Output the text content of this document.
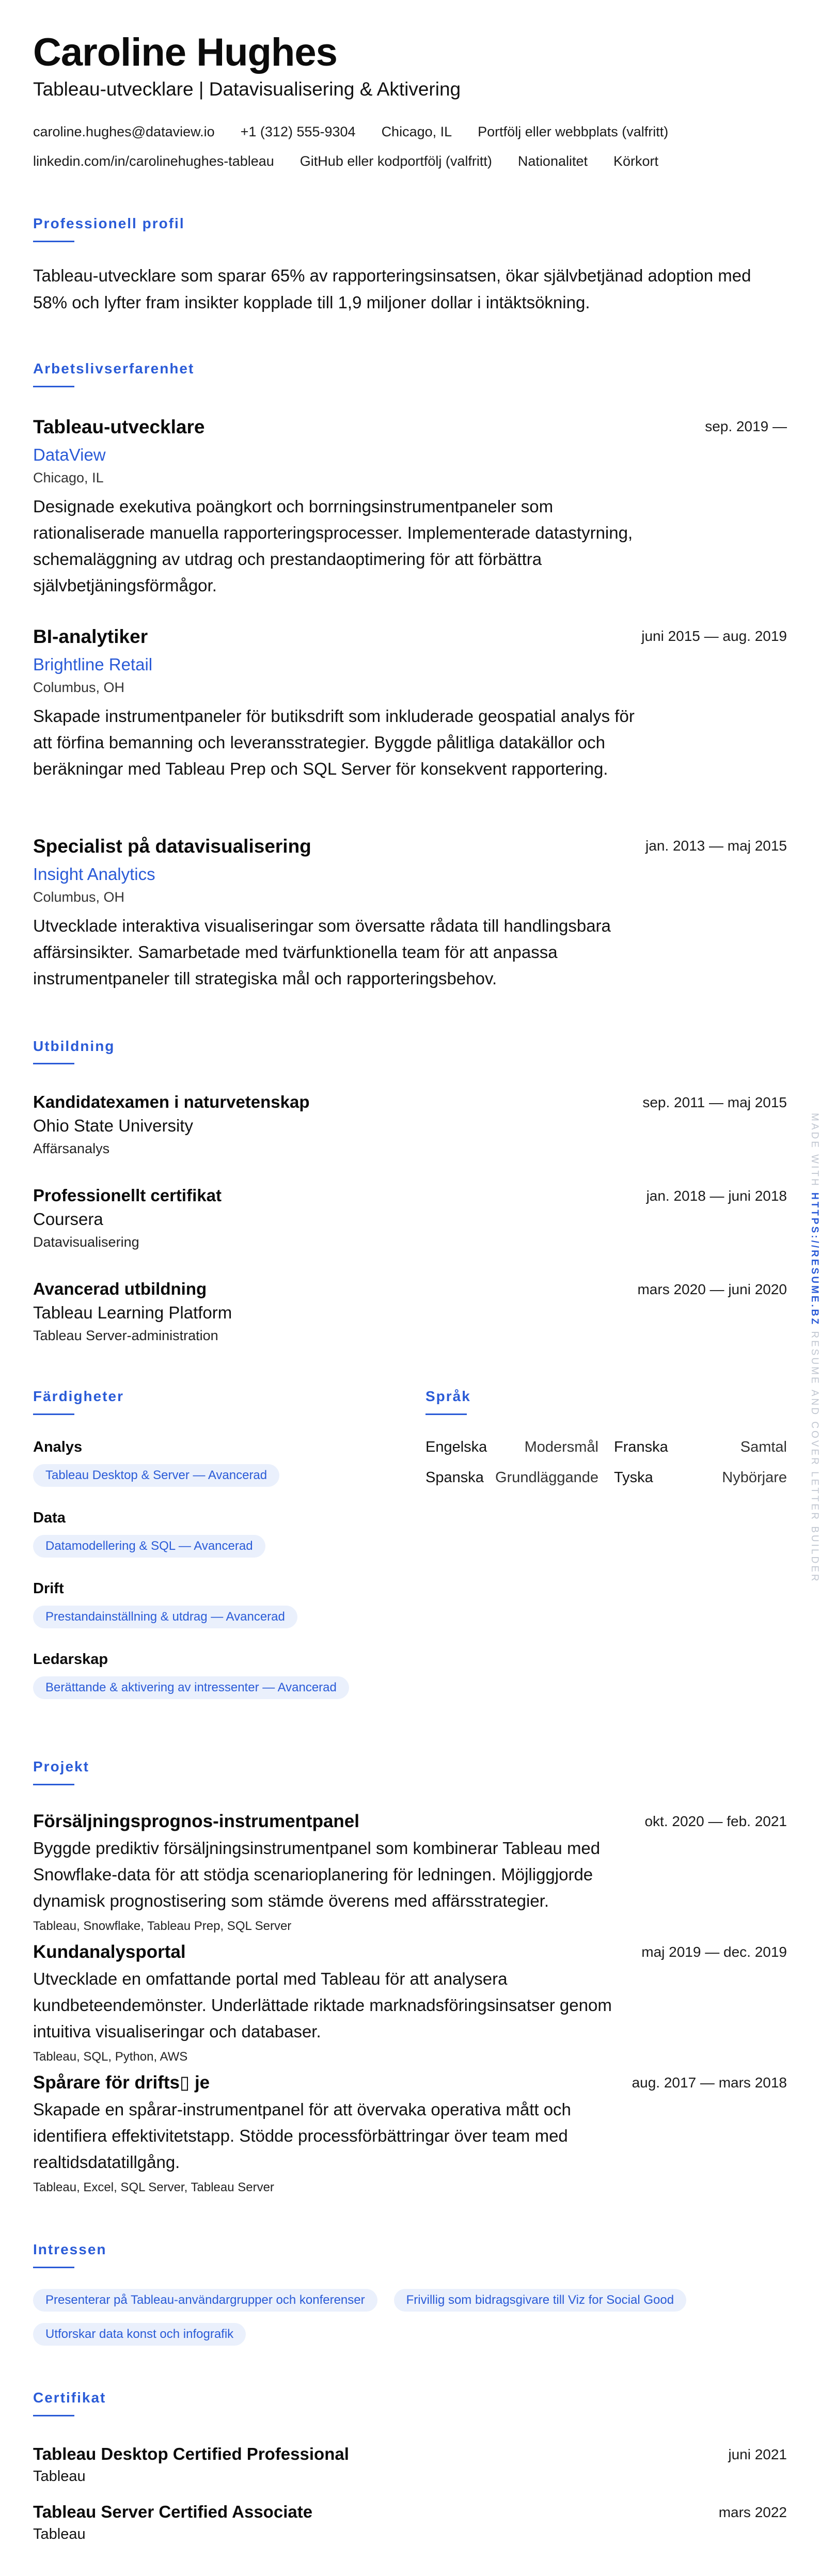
Caroline Hughes
Tableau-utvecklare | Datavisualisering & Aktivering
caroline.hughes@dataview.io +1 (312) 555-9304 Chicago, IL Portfölj eller webbplats (valfritt)
linkedin.com/in/carolinehughes-tableau GitHub eller kodportfölj (valfritt) Nationalitet Körkort
Professionell profil
Tableau-utvecklare som sparar 65% av rapporteringsinsatsen, ökar självbetjänad adoption med 58% och lyfter fram insikter kopplade till 1,9 miljoner dollar i intäktsökning.
Arbetslivserfarenhet
Tableau-utvecklare	sep. 2019 —
DataView
Chicago, IL
Designade exekutiva poängkort och borrningsinstrumentpaneler som rationaliserade manuella rapporteringsprocesser. Implementerade datastyrning, schemaläggning av utdrag och prestandaoptimering för att förbättra självbetjäningsförmågor.
BI-analytiker	juni 2015 — aug. 2019
Brightline Retail
Columbus, OH
Skapade instrumentpaneler för butiksdrift som inkluderade geospatial analys för att förfina bemanning och leveransstrategier. Byggde pålitliga datakällor och beräkningar med Tableau Prep och SQL Server för konsekvent rapportering.
Specialist på datavisualisering	jan. 2013 — maj 2015
Insight Analytics
Columbus, OH
Utvecklade interaktiva visualiseringar som översatte rådata till handlingsbara affärsinsikter. Samarbetade med tvärfunktionella team för att anpassa instrumentpaneler till strategiska mål och rapporteringsbehov.
Utbildning
Kandidatexamen i naturvetenskap	sep. 2011 — maj 2015
Ohio State University
Affärsanalys
Professionellt certifikat	jan. 2018 — juni 2018
Coursera
Datavisualisering
Avancerad utbildning	mars 2020 — juni 2020
Tableau Learning Platform
Tableau Server-administration
Färdigheter
Analys
Tableau Desktop & Server — Avancerad
Data
Datamodellering & SQL — Avancerad
Drift
Prestandainställning & utdrag — Avancerad
Ledarskap
Berättande & aktivering av intressenter — Avancerad
Språk
Engelska Modersmål Franska	Samtal
Spanska Grundläggande Tyska	Nybörjare
Projekt
Försäljningsprognos-instrumentpanel	okt. 2020 — feb. 2021
Byggde prediktiv försäljningsinstrumentpanel som kombinerar Tableau med Snowflake-data för att stödja scenarioplanering för ledningen. Möjliggjorde dynamisk prognostisering som stämde överens med affärsstrategier.
Tableau, Snowflake, Tableau Prep, SQL Server
Kundanalysportal	maj 2019 — dec. 2019
Utvecklade en omfattande portal med Tableau för att analysera kundbeteendemönster. Underlättade riktade marknadsföringsinsatser genom intuitiva visualiseringar och databaser.
Tableau, SQL, Python, AWS
Spårare för drifts▯ je	aug. 2017 — mars 2018
Skapade en spårar-instrumentpanel för att övervaka operativa mått och identifiera effektivitetstapp. Stödde processförbättringar över team med realtidsdatatillgång.
Tableau, Excel, SQL Server, Tableau Server
Intressen
Presenterar på Tableau-användargrupper och konferenser	Frivillig som bidragsgivare till Viz for Social Good
Utforskar data konst och infografik
Certifikat
Tableau Desktop Certified Professional	juni 2021
Tableau
Tableau Server Certified Associate	mars 2022
Tableau
MADE WITH HTTPS://RESUME.BZ RESUME AND COVER LETTER BUILDER
